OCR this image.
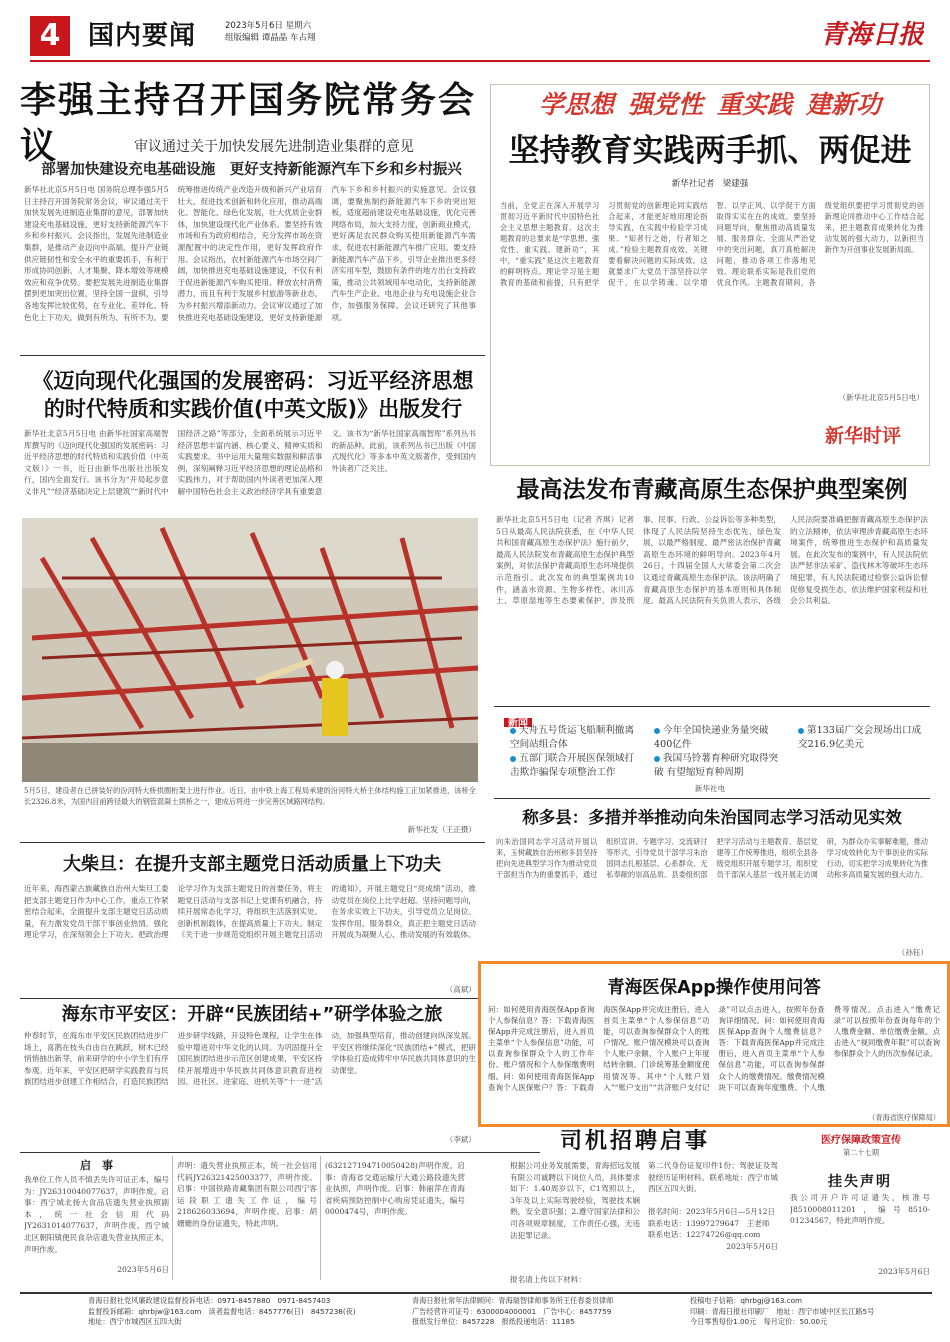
4	国内要闻	2023年5月6日 星期六
组版编辑 谭晶晶 车占翔	青海日报
李强主持召开国务院常务会议	审议通过关于加快发展先进制造业集群的意见
部署加快建设充电基础设施　更好支持新能源汽车下乡和乡村振兴
新华社北京5月5日电 国务院总理李强5月5日主持召开国务院常务会议，审议通过关于加快发展先进制造业集群的意见，部署加快建设充电基础设施，更好支持新能源汽车下乡和乡村振兴。会议指出，发展先进制造业集群，是推动产业迈向中高端、提升产业链供应链韧性和安全水平的重要抓手，有利于形成协同创新、人才集聚、降本增效等规模效应和竞争优势。要把发展先进制造业集群摆到更加突出位置，坚持全国一盘棋，引导各地发挥比较优势，在专业化、差异化、特色化上下功夫，做到有所为、有所不为。要统筹推进传统产业改造升级和新兴产业培育壮大，促进技术创新和转化应用，推动高端化、智能化、绿色化发展，壮大优质企业群体，加快建设现代化产业体系。要坚持有效市场和有为政府相结合，充分发挥市场在资源配置中的决定性作用，更好发挥政府作用。会议指出，农村新能源汽车市场空间广阔，加快推进充电基础设施建设，不仅有利于促进新能源汽车购买使用、释放农村消费潜力，而且有利于发展乡村旅游等新业态，为乡村振兴增添新动力。会议审议通过了加快推进充电基础设施建设，更好支持新能源汽车下乡和乡村振兴的实施意见。会议强调，要聚焦制约新能源汽车下乡的突出短板，适度超前建设充电基础设施，优化完善网络布局，加大支持力度，创新商业模式，更好满足农民群众购买使用新能源汽车需求，促进农村新能源汽车推广应用。要支持新能源汽车产品下乡，引导企业推出更多经济实用车型，鼓励有条件的地方出台支持政策，推动公共领域用车电动化，支持新能源汽车生产企业、电池企业与充电设施企业合作，加强服务保障。会议还研究了其他事项。
《迈向现代化强国的发展密码：习近平经济思想
的时代特质和实践价值(中英文版)》出版发行
新华社北京5月5日电 由新华社国家高端智库撰写的《迈向现代化强国的发展密码：习近平经济思想的时代特质和实践价值（中英文版）》一书，近日由新华出版社出版发行，国内全面发行。该书分为“开局起步意义非凡”“经济基础决定上层建筑”“新时代中国经济之路”等部分，全面系统展示习近平经济思想丰富内涵、核心要义、精神实质和实践要求。书中运用大量翔实数据和鲜活事例，深刻阐释习近平经济思想的理论品格和实践伟力，对于帮助国内外读者更加深入理解中国特色社会主义政治经济学具有重要意义。该书为“新华社国家高端智库”系列丛书的新品种。此前，该系列丛书已出版《中国式现代化》等多本中英文版著作，受到国内外读者广泛关注。
5月5日，建设者在已拼装好的汾河特大桥拱圈桁架上进行作业。近日，由中铁上海工程局承建的汾河特大桥主体结构施工正加紧推进，该桥全长2326.8米，为国内目前跨径最大的钢管混凝土拱桥之一，建成后将进一步完善区域路网结构。
新华社发（王正摄）
大柴旦：在提升支部主题党日活动质量上下功夫
近年来，海西蒙古族藏族自治州大柴旦工委把支部主题党日作为中心工作，重点工作紧密结合起来，全面提升支部主题党日活动质量，有力激发党员干部干事创业热情。强化理论学习，在深刻领会上下功夫。把政治理论学习作为支部主题党日的首要任务，将主题党日活动与支部书记上党课有机融合，持续开展常态化学习，将组织生活落到实处。创新机制载体，在提高质量上下功夫。制定《关于进一步规范党组织开展主题党日活动的通知》，开展主题党日“亮成绩”活动，推动党员在岗位上比学赶超。坚持问题导向，在务求实效上下功夫，引导党员立足岗位、发挥作用、服务群众，真正把主题党日活动开展成为凝聚人心、推动发展的有效载体。
（高斌）
海东市平安区：开辟“民族团结+”研学体验之旅
仲春时节，在海东市平安区民族团结进步广场上，喜鹊在枝头自由自在跳跃，树木已经悄悄抽出新芽，前来研学的中小学生们有序参观。近年来，平安区把研学实践教育与民族团结进步创建工作相结合，打造民族团结进步研学线路，开设特色课程，让学生在体验中增进对中华文化的认同。为巩固提升全国民族团结进步示范区创建成果，平安区持续开展增进中华民族共同体意识教育进校园、进社区、进家庭、进机关等“十一进”活动，加强典型培育，推动创建向纵深发展。平安区将继续深化“民族团结+”模式，把研学体验打造成铸牢中华民族共同体意识的生动课堂。
（李斌）
学思想 强党性 重实践 建新功
坚持教育实践两手抓、两促进
新华社记者　梁建强
当前，全党正在深入开展学习贯彻习近平新时代中国特色社会主义思想主题教育。这次主题教育的总要求是“学思想、强党性、重实践、建新功”，其中，“重实践”是这次主题教育的鲜明特点。理论学习是主题教育的基础和前提，只有把学习贯彻党的创新理论同实践结合起来，才能更好地用理论指导实践，在实践中检验学习成果。“知者行之始，行者知之成。”检验主题教育成效，关键要看解决问题的实际成效。这就要求广大党员干部坚持以学促干，在以学铸魂、以学增智、以学正风、以学促干方面取得实实在在的成效。要坚持问题导向，聚焦推动高质量发展、服务群众、全面从严治党中的突出问题，真刀真枪解决问题，推动各项工作落地见效。理论联系实际是我们党的优良作风。主题教育期间，各级党组织要把学习贯彻党的创新理论同推动中心工作结合起来，把主题教育成果转化为推动发展的强大动力，以新担当新作为开创事业发展新局面。
（新华社北京5月5日电）
新华时评
最高法发布青藏高原生态保护典型案例
新华社北京5月5日电（记者 齐琪）记者5日从最高人民法院获悉，在《中华人民共和国青藏高原生态保护法》施行前夕，最高人民法院发布青藏高原生态保护典型案例，对依法保护青藏高原生态环境提供示范指引。此次发布的典型案例共10件，涵盖水资源、生物多样性、冰川冻土、草原湿地等生态要素保护，涉及刑事、民事、行政、公益诉讼等多种类型，体现了人民法院坚持生态优先、绿色发展，以最严格制度、最严密法治保护青藏高原生态环境的鲜明导向。2023年4月26日，十四届全国人大常委会第二次会议通过青藏高原生态保护法。该法明确了青藏高原生态保护的基本原则和具体制度。最高人民法院有关负责人表示，各级人民法院要准确把握青藏高原生态保护法的立法精神，依法审理涉青藏高原生态环境案件，统筹推进生态保护和高质量发展。在此次发布的案例中，有人民法院依法严惩非法采矿、盗伐林木等破坏生态环境犯罪，有人民法院通过检察公益诉讼督促修复受损生态，依法维护国家利益和社会公共利益。
新闻
天舟五号货运飞船顺利撤离空间站组合体
五部门联合开展医保领域打击欺诈骗保专项整治工作
今年全国快递业务量突破400亿件
我国马铃薯育种研究取得突破 有望缩短育种周期
第133届广交会现场出口成交216.9亿美元
新华社电
称多县：多措并举推动向朱治国同志学习活动见实效
向朱治国同志学习活动开展以来，玉树藏族自治州称多县坚持把向先进典型学习作为推动党员干部担当作为的重要抓手，通过组织宣讲、专题学习、交流研讨等形式，引导党员干部学习朱治国同志扎根基层、心系群众、无私奉献的崇高品质。县委组织部把学习活动与主题教育、基层党建等工作统筹推进，组织全县各级党组织开展专题学习，组织党员干部深入基层一线开展走访调研，为群众办实事解难题，推动学习成效转化为干事创业的实际行动，切实把学习成果转化为推动称多高质量发展的强大动力。
（孙钰）
青海医保App操作使用问答
问：如何使用青海医保App查询个人参保信息？答：下载青海医保App并完成注册后，进入首页主菜单“个人参保信息”功能，可以查询参保群众个人的工作年份、账户情况和个人参保缴费明细。问：如何使用青海医保App查询个人医保账户？答：下载青海医保App并完成注册后，进入首页主菜单“个人参保信息”功能，可以查询参保群众个人的账户情况。账户情况模块可以查询个人账户余额、个人账户上年度结转余额、门诊统筹基金额度使用情况等。其中“个人账户划入”“账户支出”“共济账户支付记录”可以点击进入，按照年份查询详细情况。问：如何使用青海医保App查询个人缴费信息？答：下载青海医保App并完成注册后，进入首页主菜单“个人参保信息”功能，可以查询参保群众个人的缴费情况。缴费情况模块下可以查询年度缴费、个人缴费等情况。点击进入“缴费记录”可以按照年份查询每年的个人缴费金额、单位缴费金额。点击进入“视同缴费年限”可以查询参保群众个人的历次参保记录。
（青海省医疗保障局）
启　事
我单位工作人员不慎丢失许可证正本，编号为：JY26310040077637，声明作废。启事：西宁城北扬大食品店遗失营业执照副本，统一社会信用代码JY2631014077637，声明作废。西宁城北区朝阳镇便民食杂店遗失营业执照正本，声明作废。
2023年5月6日
声明：遗失营业执照正本，统一社会信用代码JY26321425003377，声明作废。启事：中国铁路青藏集团有限公司西宁客运段职工遗失工作证，编号218626033694，声明作废。启事：胡姗姗的身份证遗失，特此声明。
(632127194710050428)声明作废。启事：青海省交通运输厅大通公路段遗失营业执照，声明作废。启事：韩丽萍在青海省疾病预防控制中心购房凭证遗失，编号0000474号，声明作废。
司机招聘启事
根据公司业务发展需要，青海招远发展有限公司诚聘以下岗位人员，具体要求如下：1.40周岁以下，C1驾照以上，3年及以上实际驾驶经验，驾驶技术娴熟，安全意识强；2.遵守国家法律和公司各项规章制度，工作责任心强，无违法犯罪记录。
第二代身份证复印件1份；驾驶证及驾驶经历证明材料。联系地址：西宁市城西区五四大街。
报名时间：2023年5月6日—5月12日
联系电话：13997279647　王老师
联系电话：12274726@qq.com
2023年5月6日
报名请上传以下材料：
医疗保障政策宣传
第二十七期
挂失声明
我公司开户许可证遗失，核准号J8510008011201，编号8510-01234567，特此声明作废。
2023年5月6日
青海日报社党风廉政建设监督投诉电话：0971-8457880　0971-8457403
监督投诉邮箱：qhrbjw@163.com　读者监督电话：8457776(日)　8457238(夜)
地址：西宁市城西区五四大街
青海日报社常年法律顾问：青海瑞智律师事务所王任春委员律师
广告经营许可证号：6300004000001　广告中心：8457759
报纸发行单位：8457228　报纸投递电话：11185
投稿电子信箱：qhrbgj@163.com
印刷：青海日报社印刷厂　地址：西宁市城中区长江路5号
今日零售每份1.00元　每月定价：50.00元
